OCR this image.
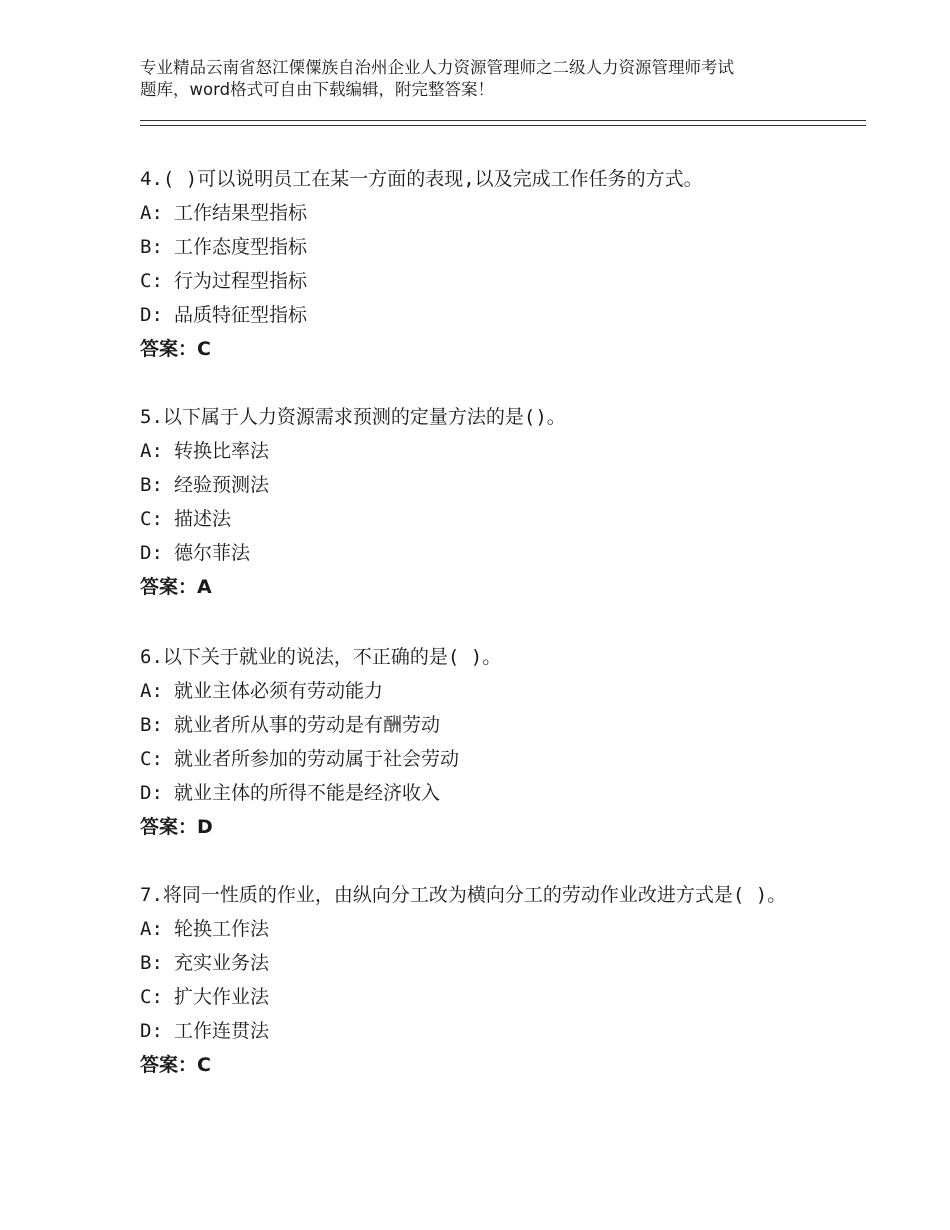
专业精品云南省怒江傈僳族自治州企业人力资源管理师之二级人力资源管理师考试
题库，word格式可自由下载编辑，附完整答案！
4.( )可以说明员工在某一方面的表现,以及完成工作任务的方式。
A: 工作结果型指标
B: 工作态度型指标
C: 行为过程型指标
D: 品质特征型指标
答案：C
5.以下属于人力资源需求预测的定量方法的是()。
A: 转换比率法
B: 经验预测法
C: 描述法
D: 德尔菲法
答案：A
6.以下关于就业的说法，不正确的是( )。
A: 就业主体必须有劳动能力
B: 就业者所从事的劳动是有酬劳动
C: 就业者所参加的劳动属于社会劳动
D: 就业主体的所得不能是经济收入
答案：D
7.将同一性质的作业，由纵向分工改为横向分工的劳动作业改进方式是( )。
A: 轮换工作法
B: 充实业务法
C: 扩大作业法
D: 工作连贯法
答案：C
